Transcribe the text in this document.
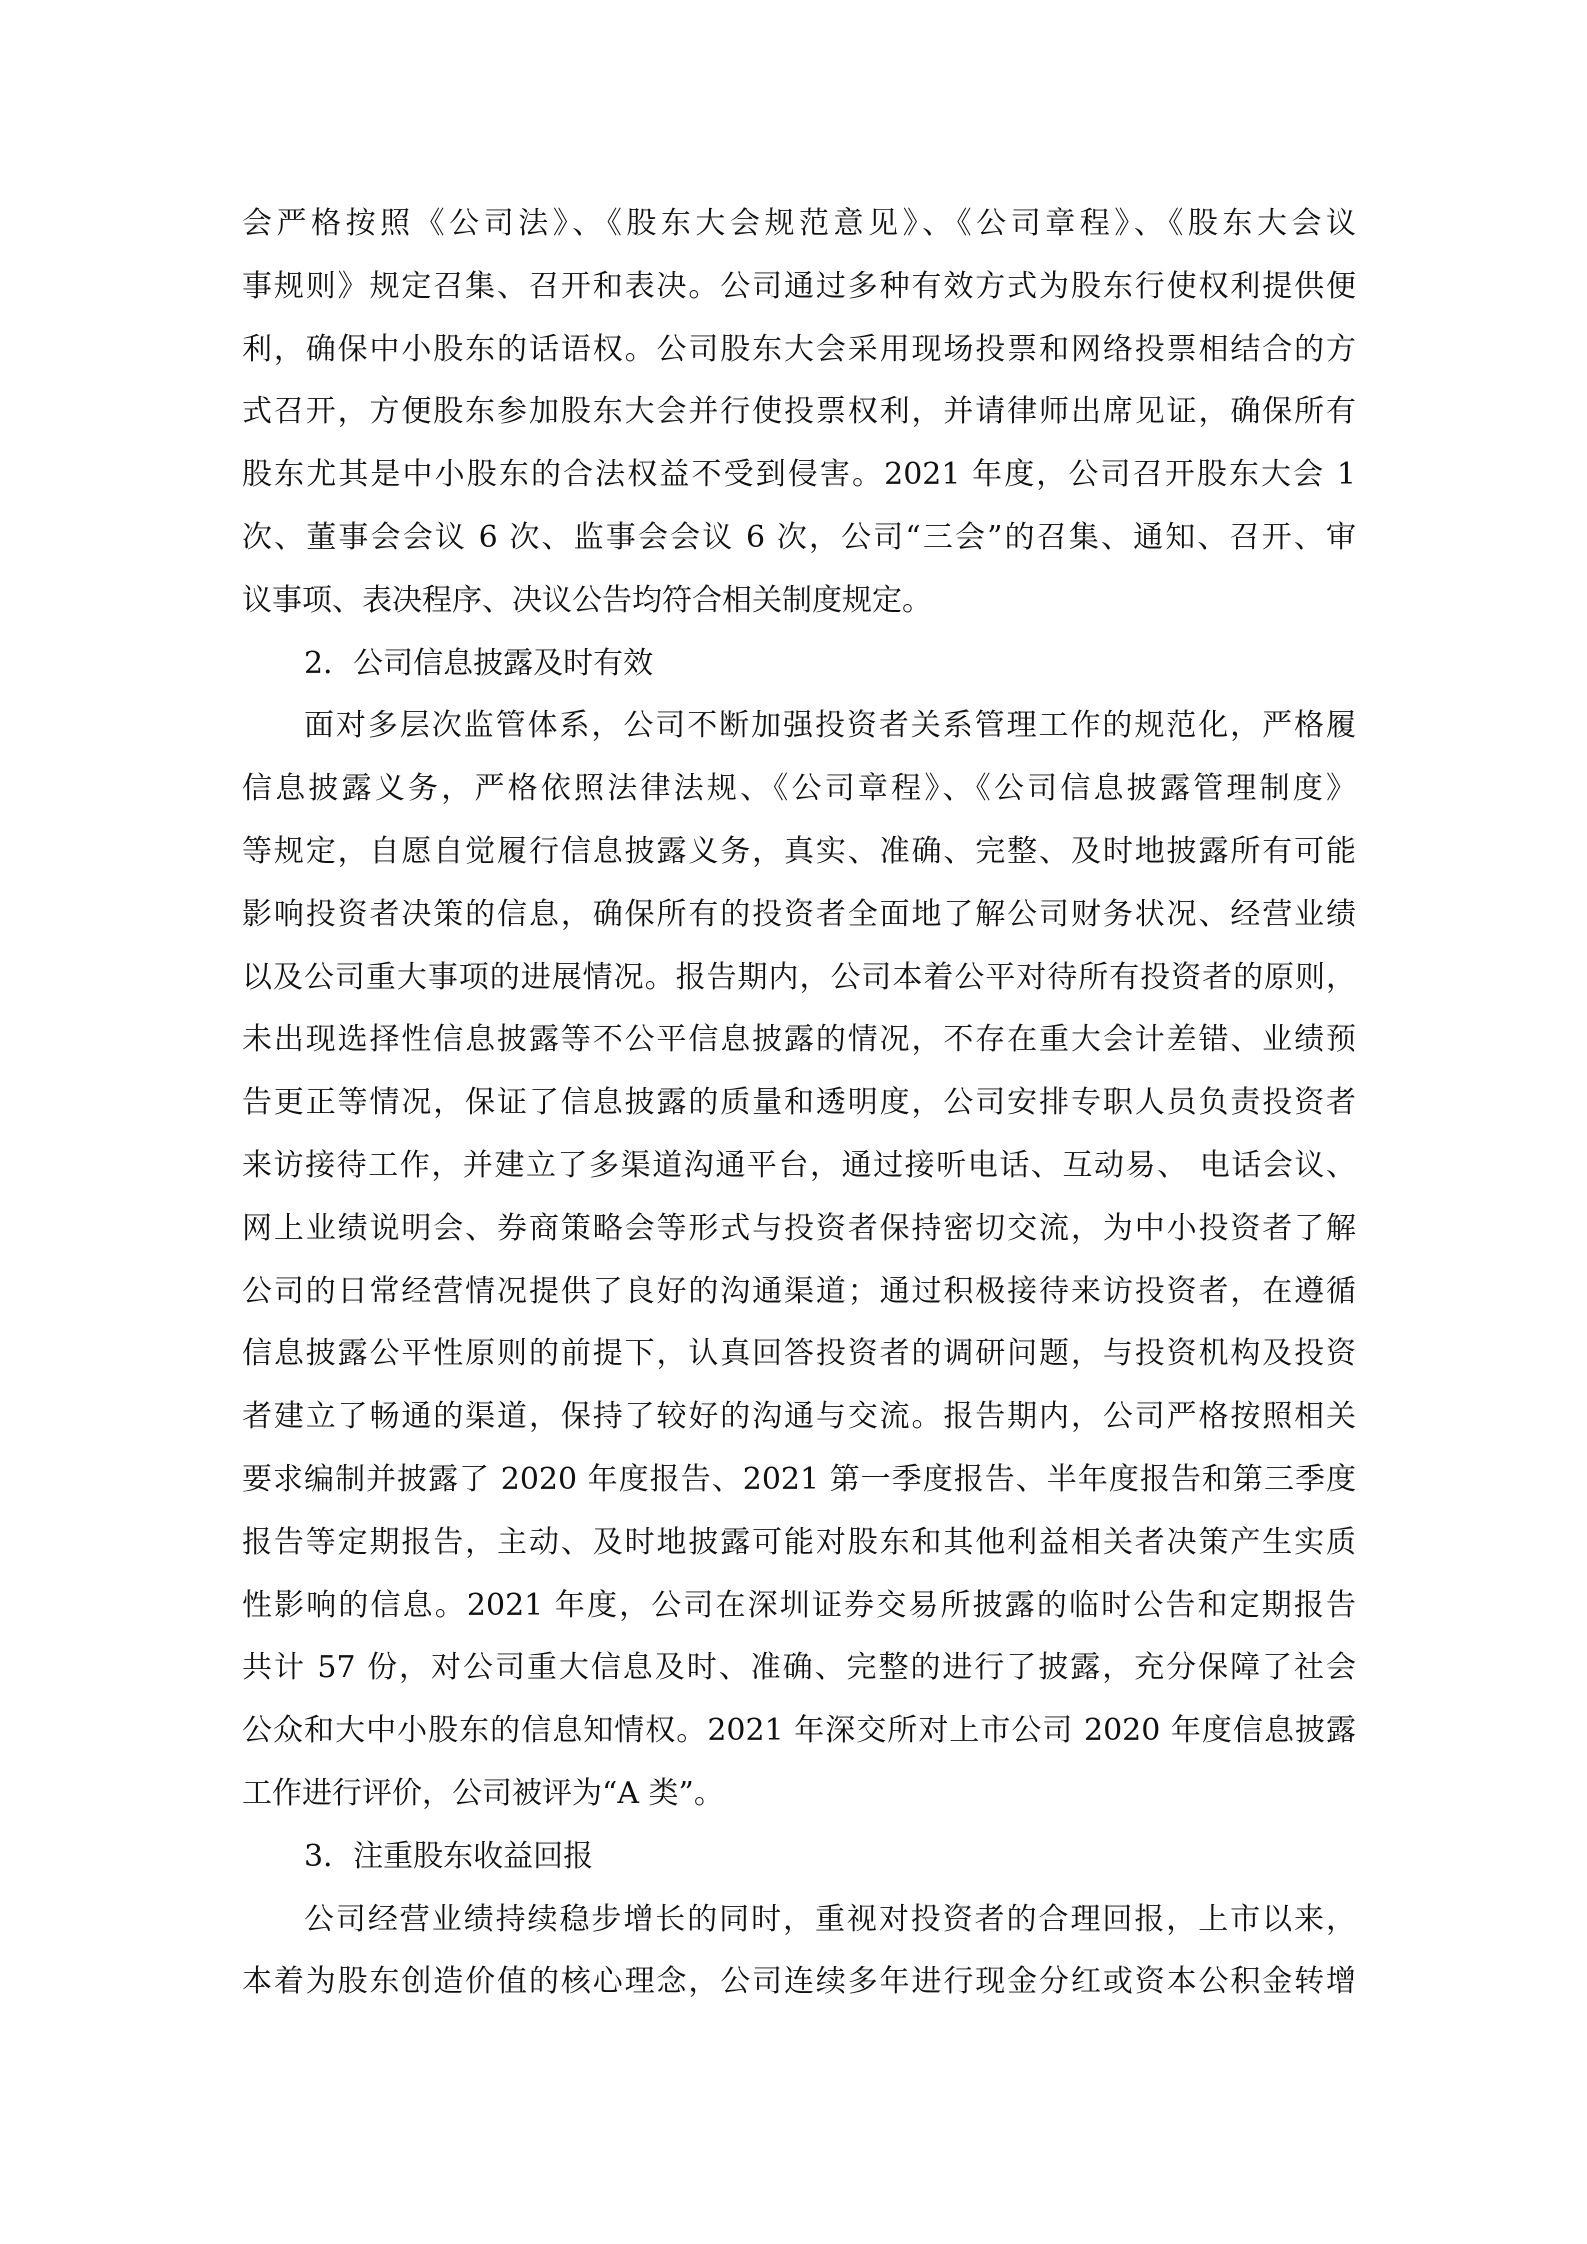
会严格按照《公司法》、《股东大会规范意见》、《公司章程》、《股东大会议
事规则》规定召集、召开和表决。公司通过多种有效方式为股东行使权利提供便
利，确保中小股东的话语权。公司股东大会采用现场投票和网络投票相结合的方
式召开，方便股东参加股东大会并行使投票权利，并请律师出席见证，确保所有
股东尤其是中小股东的合法权益不受到侵害。2021 年度，公司召开股东大会 1
次、董事会会议 6 次、监事会会议 6 次，公司“三会”的召集、通知、召开、审
议事项、表决程序、决议公告均符合相关制度规定。
2．公司信息披露及时有效
面对多层次监管体系，公司不断加强投资者关系管理工作的规范化，严格履
信息披露义务，严格依照法律法规、《公司章程》、《公司信息披露管理制度》
等规定，自愿自觉履行信息披露义务，真实、准确、完整、及时地披露所有可能
影响投资者决策的信息，确保所有的投资者全面地了解公司财务状况、经营业绩
以及公司重大事项的进展情况。报告期内，公司本着公平对待所有投资者的原则，
未出现选择性信息披露等不公平信息披露的情况，不存在重大会计差错、业绩预
告更正等情况，保证了信息披露的质量和透明度，公司安排专职人员负责投资者
来访接待工作，并建立了多渠道沟通平台，通过接听电话、互动易、 电话会议、
网上业绩说明会、券商策略会等形式与投资者保持密切交流，为中小投资者了解
公司的日常经营情况提供了良好的沟通渠道；通过积极接待来访投资者，在遵循
信息披露公平性原则的前提下，认真回答投资者的调研问题，与投资机构及投资
者建立了畅通的渠道，保持了较好的沟通与交流。报告期内，公司严格按照相关
要求编制并披露了 2020 年度报告、2021 第一季度报告、半年度报告和第三季度
报告等定期报告，主动、及时地披露可能对股东和其他利益相关者决策产生实质
性影响的信息。2021 年度，公司在深圳证券交易所披露的临时公告和定期报告
共计 57 份，对公司重大信息及时、准确、完整的进行了披露，充分保障了社会
公众和大中小股东的信息知情权。2021 年深交所对上市公司 2020 年度信息披露
工作进行评价，公司被评为“A 类”。
3．注重股东收益回报
公司经营业绩持续稳步增长的同时，重视对投资者的合理回报，上市以来，
本着为股东创造价值的核心理念，公司连续多年进行现金分红或资本公积金转增
